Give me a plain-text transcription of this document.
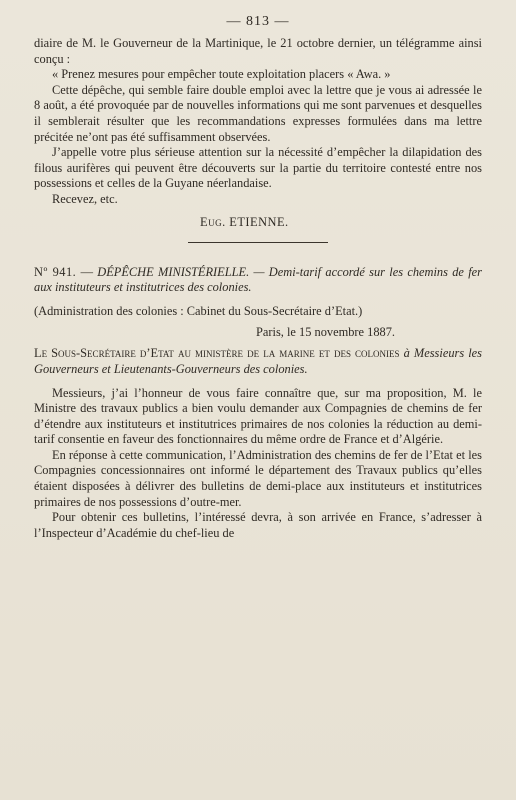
— 813 —

diaire de M. le Gouverneur de la Martinique, le 21 octobre dernier, un télégramme ainsi conçu :

« Prenez mesures pour empêcher toute exploitation placers « Awa. »

Cette dépêche, qui semble faire double emploi avec la lettre que je vous ai adressée le 8 août, a été provoquée par de nouvelles informations qui me sont parvenues et desquelles il semblerait résulter que les recommandations expresses formulées dans ma lettre précitée ne’ont pas été suffisamment observées.

J’appelle votre plus sérieuse attention sur la nécessité d’empêcher la dilapidation des filous aurifères qui peuvent être découverts sur la partie du territoire contesté entre nos possessions et celles de la Guyane néerlandaise.

Recevez, etc.

Eug. ETIENNE.

Nº 941. — DÉPÊCHE MINISTÉRIELLE. — Demi-tarif accordé sur les chemins de fer aux instituteurs et institutrices des colonies.

(Administration des colonies : Cabinet du Sous-Secrétaire d’Etat.)
Paris, le 15 novembre 1887.

Le Sous-Secrétaire d’Etat au ministère de la marine et des colonies à Messieurs les Gouverneurs et Lieutenants-Gouverneurs des colonies.

Messieurs, j’ai l’honneur de vous faire connaître que, sur ma proposition, M. le Ministre des travaux publics a bien voulu demander aux Compagnies de chemins de fer d’étendre aux instituteurs et institutrices primaires de nos colonies la réduction au demi-tarif consentie en faveur des fonctionnaires du même ordre de France et d’Algérie.

En réponse à cette communication, l’Administration des chemins de fer de l’Etat et les Compagnies concessionnaires ont informé le département des Travaux publics qu’elles étaient disposées à délivrer des bulletins de demi-place aux instituteurs et institutrices primaires de nos possessions d’outre-mer.

Pour obtenir ces bulletins, l’intéressé devra, à son arrivée en France, s’adresser à l’Inspecteur d’Académie du chef-lieu de
